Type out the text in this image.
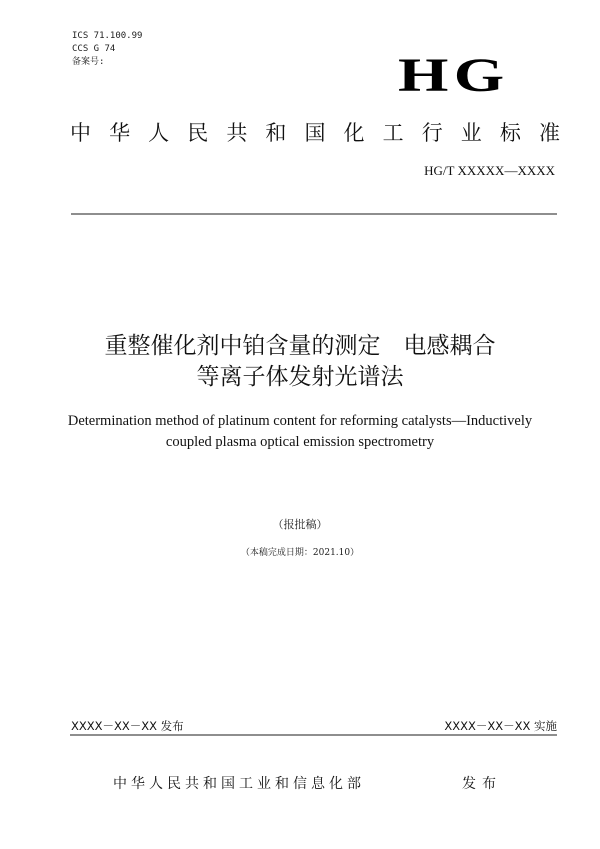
ICS 71.100.99
CCS G 74
备案号:	HG
中 华 人 民 共 和 国 化 工 行 业 标 准
HG/T XXXXX—XXXX
重整催化剂中铂含量的测定　电感耦合
等离子体发射光谱法
Determination method of platinum content for reforming catalysts—Inductively
coupled plasma optical emission spectrometry
（报批稿）
（本稿完成日期：2021.10）
XXXX－XX－XX 发布	XXXX－XX－XX 实施
中华人民共和国工业和信息化部	发布
